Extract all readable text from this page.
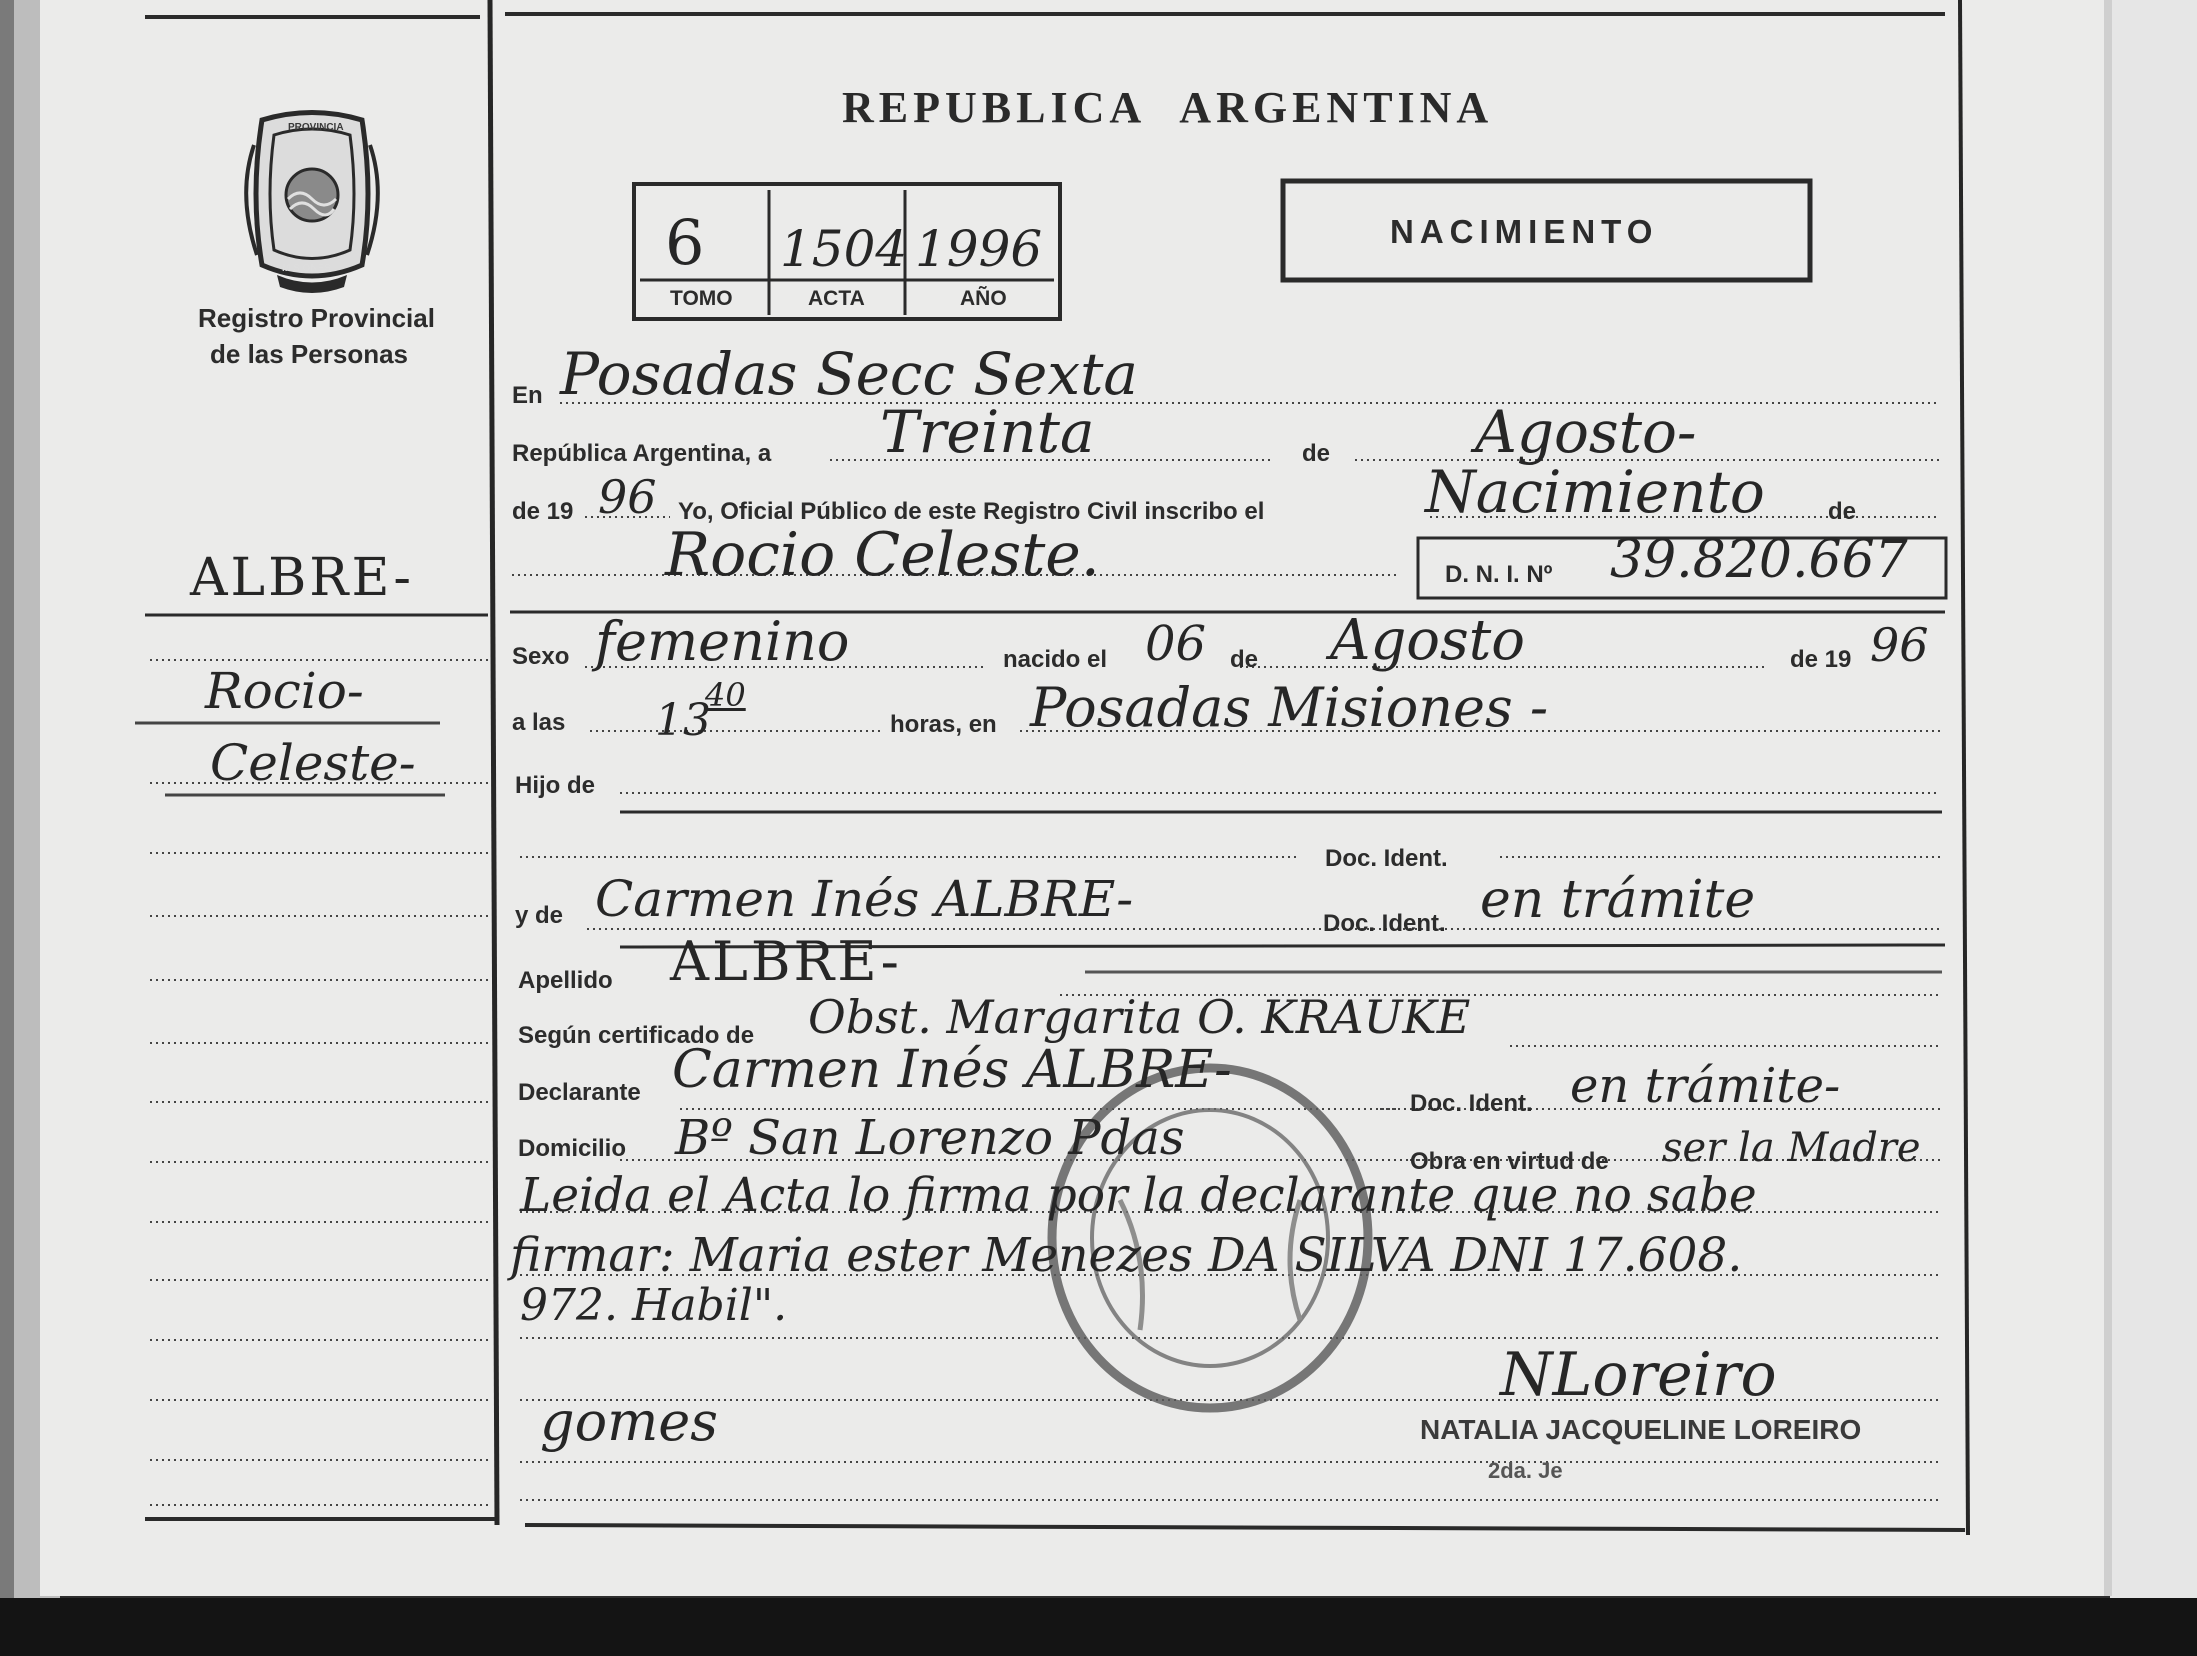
PROVINCIA
MISIONES
Registro Provincial
de las Personas
ALBRE-
Rocio-
Celeste-
REPUBLICA ARGENTINA
6 1504 1996
TOMO	ACTA	AÑO
NACIMIENTO
En Posadas Secc Sexta
República Argentina, a Treinta	de Agosto-
de 19 96 Yo, Oficial Público de este Registro Civil inscribo el	Nacimiento	de
Rocio Celeste.	D. N. I. Nº 39.820.667
Sexo femenino	nacido el 06 de Agosto	de 19 96
a las 13
40
horas, en Posadas Misiones -
Hijo de
Doc. Ident.
y de Carmen Inés ALBRE-	Doc. Ident. en trámite
Apellido ALBRE-
Según certificado de Obst. Margarita O. KRAUKE
Declarante Carmen Inés ALBRE-
Doc. Ident. en trámite-
Domicilio Bº San Lorenzo Pdas	Obra en virtud de ser la Madre
Leida el Acta lo firma por la declarante que no sabe
firmar: Maria ester Menezes DA SILVA DNI 17.608.
972. Habil".
gomes
NLoreiro
NATALIA JACQUELINE LOREIRO
2da. Je
